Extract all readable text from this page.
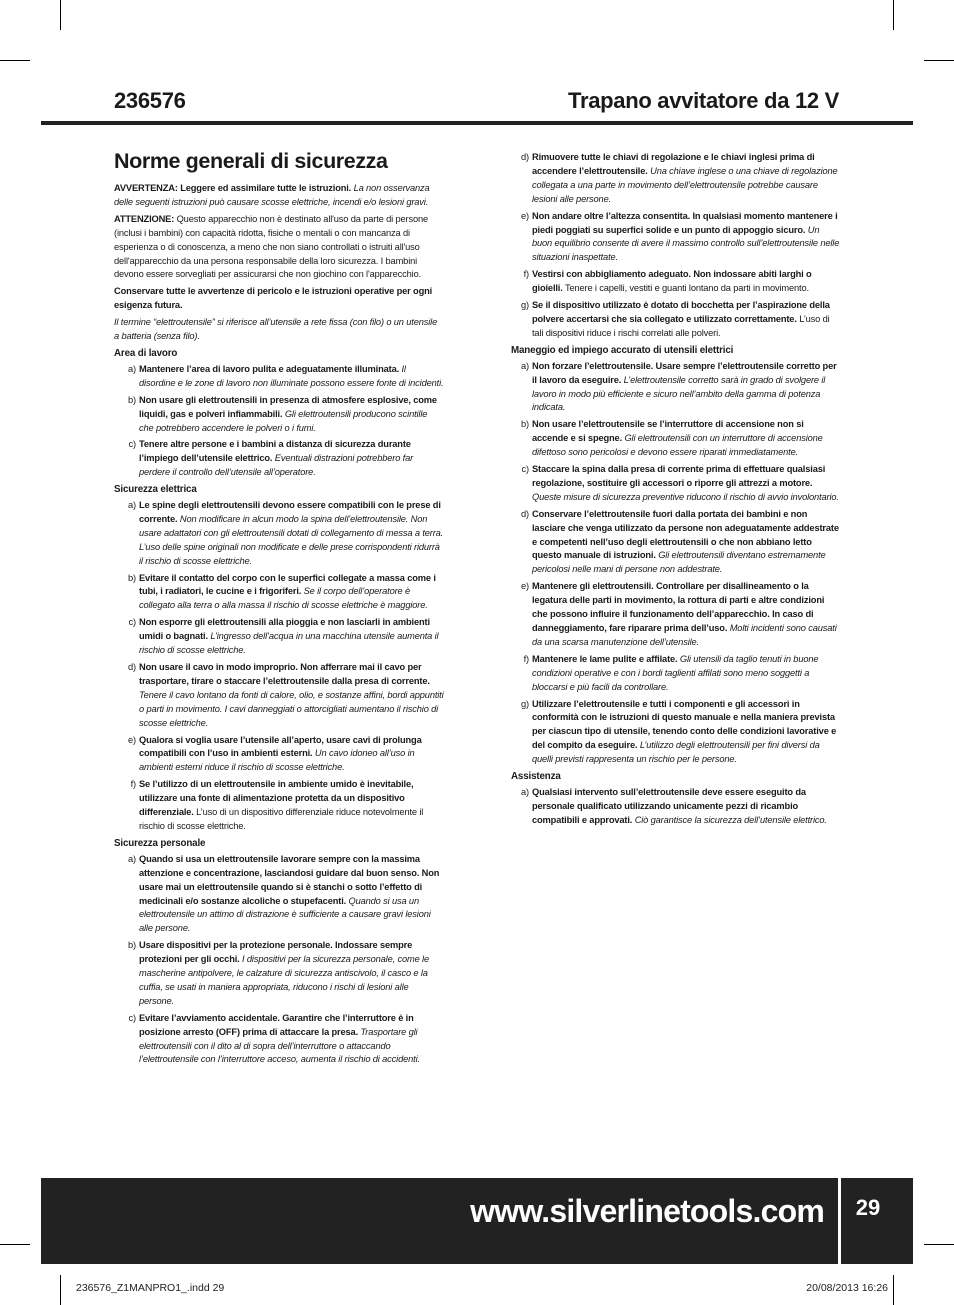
236576	Trapano avvitatore da 12 V
Norme generali di sicurezza

AVVERTENZA: Leggere ed assimilare tutte le istruzioni. La non osservanza delle seguenti istruzioni può causare scosse elettriche, incendi e/o lesioni gravi.

ATTENZIONE: Questo apparecchio non è destinato all'uso da parte di persone (inclusi i bambini) con capacità ridotta, fisiche o mentali o con mancanza di esperienza o di conoscenza, a meno che non siano controllati o istruiti all'uso dell'apparecchio da una persona responsabile della loro sicurezza. I bambini devono essere sorvegliati per assicurarsi che non giochino con l'apparecchio.

Conservare tutte le avvertenze di pericolo e le istruzioni operative per ogni esigenza futura.

Il termine “elettroutensile” si riferisce all’utensile a rete fissa (con filo) o un utensile a batteria (senza filo).

Area di lavoro
a) Mantenere l’area di lavoro pulita e adeguatamente illuminata. Il disordine e le zone di lavoro non illuminate possono essere fonte di incidenti.
b) Non usare gli elettroutensili in presenza di atmosfere esplosive, come liquidi, gas e polveri infiammabili. Gli elettroutensili producono scintille che potrebbero accendere le polveri o i fumi.
c) Tenere altre persone e i bambini a distanza di sicurezza durante l’impiego dell’utensile elettrico. Eventuali distrazioni potrebbero far perdere il controllo dell’utensile all’operatore.
Sicurezza elettrica
a) Le spine degli elettroutensili devono essere compatibili con le prese di corrente. Non modificare in alcun modo la spina dell’elettroutensile. Non usare adattatori con gli elettroutensili dotati di collegamento di messa a terra. L’uso delle spine originali non modificate e delle prese corrispondenti ridurrà il rischio di scosse elettriche.
b) Evitare il contatto del corpo con le superfici collegate a massa come i tubi, i radiatori, le cucine e i frigoriferi. Se il corpo dell’operatore è collegato alla terra o alla massa il rischio di scosse elettriche è maggiore.
c) Non esporre gli elettroutensili alla pioggia e non lasciarli in ambienti umidi o bagnati. L’ingresso dell’acqua in una macchina utensile aumenta il rischio di scosse elettriche.
d) Non usare il cavo in modo improprio. Non afferrare mai il cavo per trasportare, tirare o staccare l’elettroutensile dalla presa di corrente. Tenere il cavo lontano da fonti di calore, olio, e sostanze affini, bordi appuntiti o parti in movimento. I cavi danneggiati o attorcigliati aumentano il rischio di scosse elettriche.
e) Qualora si voglia usare l’utensile all’aperto, usare cavi di prolunga compatibili con l’uso in ambienti esterni. Un cavo idoneo all’uso in ambienti esterni riduce il rischio di scosse elettriche.
f) Se l’utilizzo di un elettroutensile in ambiente umido è inevitabile, utilizzare una fonte di alimentazione protetta da un dispositivo differenziale. L’uso di un dispositivo differenziale riduce notevolmente il rischio di scosse elettriche.
Sicurezza personale
a) Quando si usa un elettroutensile lavorare sempre con la massima attenzione e concentrazione, lasciandosi guidare dal buon senso. Non usare mai un elettroutensile quando si è stanchi o sotto l’effetto di medicinali e/o sostanze alcoliche o stupefacenti. Quando si usa un elettroutensile un attimo di distrazione è sufficiente a causare gravi lesioni alle persone.
b) Usare dispositivi per la protezione personale. Indossare sempre protezioni per gli occhi. I dispositivi per la sicurezza personale, come le mascherine antipolvere, le calzature di sicurezza antiscivolo, il casco e la cuffia, se usati in maniera appropriata, riducono i rischi di lesioni alle persone.
c) Evitare l’avviamento accidentale. Garantire che l’interruttore è in posizione arresto (OFF) prima di attaccare la presa. Trasportare gli elettroutensili con il dito al di sopra dell’interruttore o attaccando l’elettroutensile con l’interruttore acceso, aumenta il rischio di accidenti.
d) Rimuovere tutte le chiavi di regolazione e le chiavi inglesi prima di accendere l’elettroutensile. Una chiave inglese o una chiave di regolazione collegata a una parte in movimento dell’elettroutensile potrebbe causare lesioni alle persone.
e) Non andare oltre l’altezza consentita. In qualsiasi momento mantenere i piedi poggiati su superfici solide e un punto di appoggio sicuro. Un buon equilibrio consente di avere il massimo controllo sull’elettroutensile nelle situazioni inaspettate.
f) Vestirsi con abbigliamento adeguato. Non indossare abiti larghi o gioielli. Tenere i capelli, vestiti e guanti lontano da parti in movimento.
g) Se il dispositivo utilizzato è dotato di bocchetta per l’aspirazione della polvere accertarsi che sia collegato e utilizzato correttamente. L’uso di tali dispositivi riduce i rischi correlati alle polveri.
Maneggio ed impiego accurato di utensili elettrici
a) Non forzare l’elettroutensile. Usare sempre l’elettroutensile corretto per il lavoro da eseguire. L’elettroutensile corretto sarà in grado di svolgere il lavoro in modo più efficiente e sicuro nell’ambito della gamma di potenza indicata.
b) Non usare l’elettroutensile se l’interruttore di accensione non si accende e si spegne. Gli elettroutensili con un interruttore di accensione difettoso sono pericolosi e devono essere riparati immediatamente.
c) Staccare la spina dalla presa di corrente prima di effettuare qualsiasi regolazione, sostituire gli accessori o riporre gli attrezzi a motore. Queste misure di sicurezza preventive riducono il rischio di avvio involontario.
d) Conservare l’elettroutensile fuori dalla portata dei bambini e non lasciare che venga utilizzato da persone non adeguatamente addestrate e competenti nell’uso degli elettroutensili o che non abbiano letto questo manuale di istruzioni. Gli elettroutensili diventano estremamente pericolosi nelle mani di persone non addestrate.
e) Mantenere gli elettroutensili. Controllare per disallineamento o la legatura delle parti in movimento, la rottura di parti e altre condizioni che possono influire il funzionamento dell’apparecchio. In caso di danneggiamento, fare riparare prima dell’uso. Molti incidenti sono causati da una scarsa manutenzione dell’utensile.
f) Mantenere le lame pulite e affilate. Gli utensili da taglio tenuti in buone condizioni operative e con i bordi taglienti affilati sono meno soggetti a bloccarsi e più facili da controllare.
g) Utilizzare l’elettroutensile e tutti i componenti e gli accessori in conformità con le istruzioni di questo manuale e nella maniera prevista per ciascun tipo di utensile, tenendo conto delle condizioni lavorative e del compito da eseguire. L’utilizzo degli elettroutensili per fini diversi da quelli previsti rappresenta un rischio per le persone.
Assistenza
a) Qualsiasi intervento sull’elettroutensile deve essere eseguito da personale qualificato utilizzando unicamente pezzi di ricambio compatibili e approvati. Ciò garantisce la sicurezza dell’utensile elettrico.
www.silverlinetools.com	29
236576_Z1MANPRO1_.indd 29	20/08/2013 16:26
